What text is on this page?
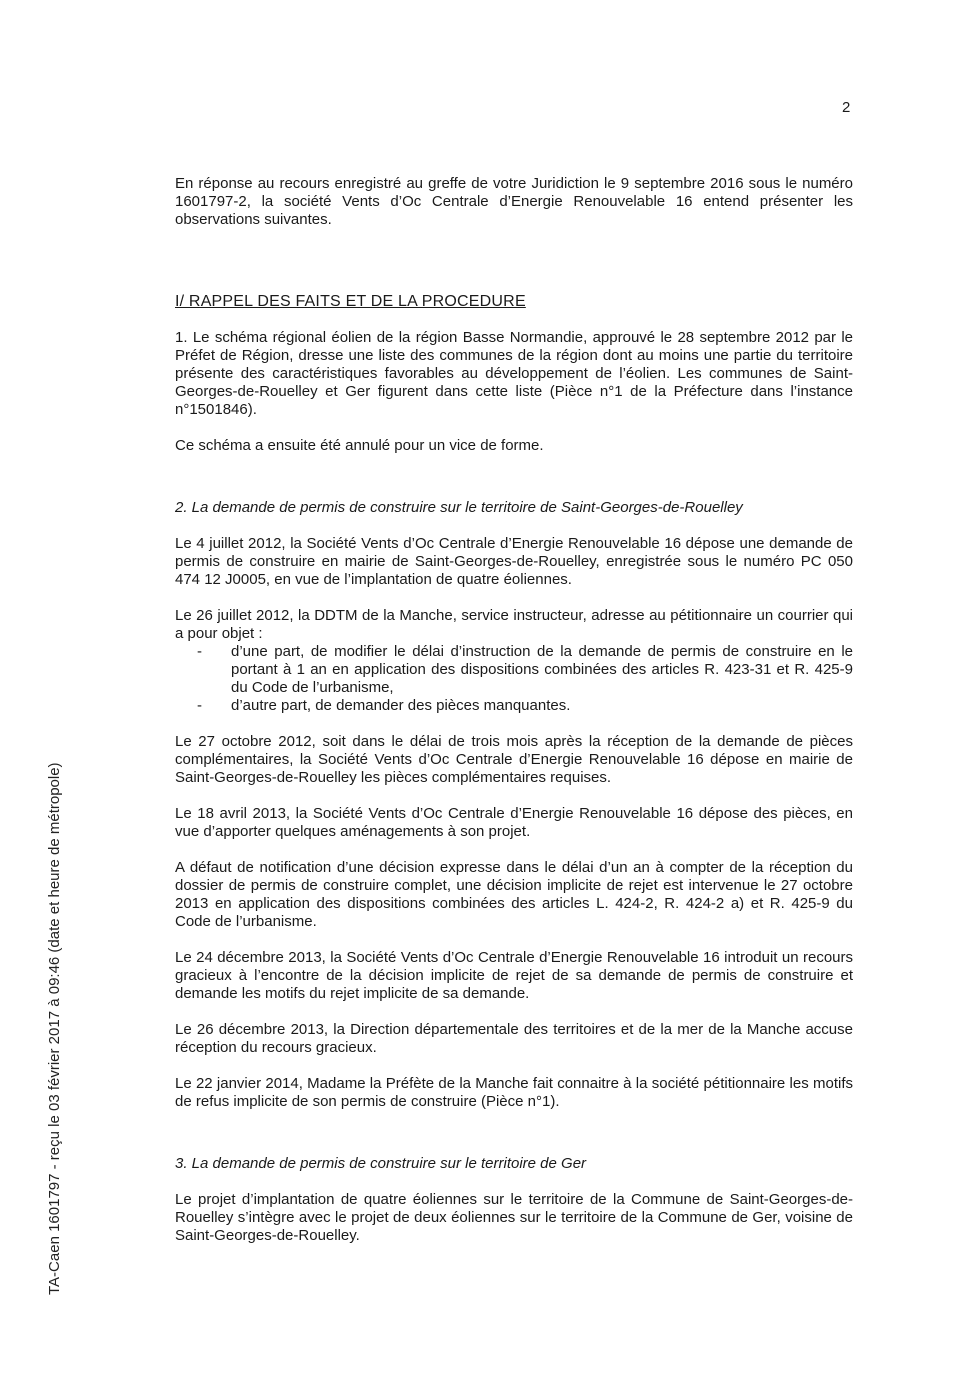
2

En réponse au recours enregistré au greffe de votre Juridiction le 9 septembre 2016 sous le numéro 1601797-2, la société Vents d’Oc Centrale d’Energie Renouvelable 16 entend présenter les observations suivantes.

I/ RAPPEL DES FAITS ET DE LA PROCEDURE

1. Le schéma régional éolien de la région Basse Normandie, approuvé le 28 septembre 2012 par le Préfet de Région, dresse une liste des communes de la région dont au moins une partie du territoire présente des caractéristiques favorables au développement de l’éolien. Les communes de Saint-Georges-de-Rouelley et Ger figurent dans cette liste (Pièce n°1 de la Préfecture dans l’instance n°1501846).

Ce schéma a ensuite été annulé pour un vice de forme.

2. La demande de permis de construire sur le territoire de Saint-Georges-de-Rouelley

Le 4 juillet 2012, la Société Vents d’Oc Centrale d’Energie Renouvelable 16 dépose une demande de permis de construire en mairie de Saint-Georges-de-Rouelley, enregistrée sous le numéro PC 050 474 12 J0005, en vue de l’implantation de quatre éoliennes.

Le 26 juillet 2012, la DDTM de la Manche, service instructeur, adresse au pétitionnaire un courrier qui a pour objet :

- d’une part, de modifier le délai d’instruction de la demande de permis de construire en le portant à 1 an en application des dispositions combinées des articles R. 423-31 et R. 425-9 du Code de l’urbanisme,
- d’autre part, de demander des pièces manquantes.

Le 27 octobre 2012, soit dans le délai de trois mois après la réception de la demande de pièces complémentaires, la Société Vents d’Oc Centrale d’Energie Renouvelable 16 dépose en mairie de Saint-Georges-de-Rouelley les pièces complémentaires requises.

Le 18 avril 2013, la Société Vents d’Oc Centrale d’Energie Renouvelable 16 dépose des pièces, en vue d’apporter quelques aménagements à son projet.

A défaut de notification d’une décision expresse dans le délai d’un an à compter de la réception du dossier de permis de construire complet, une décision implicite de rejet est intervenue le 27 octobre 2013 en application des dispositions combinées des articles L. 424-2, R. 424-2 a) et R. 425-9 du Code de l’urbanisme.

Le 24 décembre 2013, la Société Vents d’Oc Centrale d’Energie Renouvelable 16 introduit un recours gracieux à l’encontre de la décision implicite de rejet de sa demande de permis de construire et demande les motifs du rejet implicite de sa demande.

Le 26 décembre 2013, la Direction départementale des territoires et de la mer de la Manche accuse réception du recours gracieux.

Le 22 janvier 2014, Madame la Préfète de la Manche fait connaitre à la société pétitionnaire les motifs de refus implicite de son permis de construire (Pièce n°1).

3. La demande de permis de construire sur le territoire de Ger

Le projet d’implantation de quatre éoliennes sur le territoire de la Commune de Saint-Georges-de-Rouelley s’intègre avec le projet de deux éoliennes sur le territoire de la Commune de Ger, voisine de Saint-Georges-de-Rouelley.

TA-Caen 1601797 - reçu le 03 février 2017 à 09:46 (date et heure de métropole)
